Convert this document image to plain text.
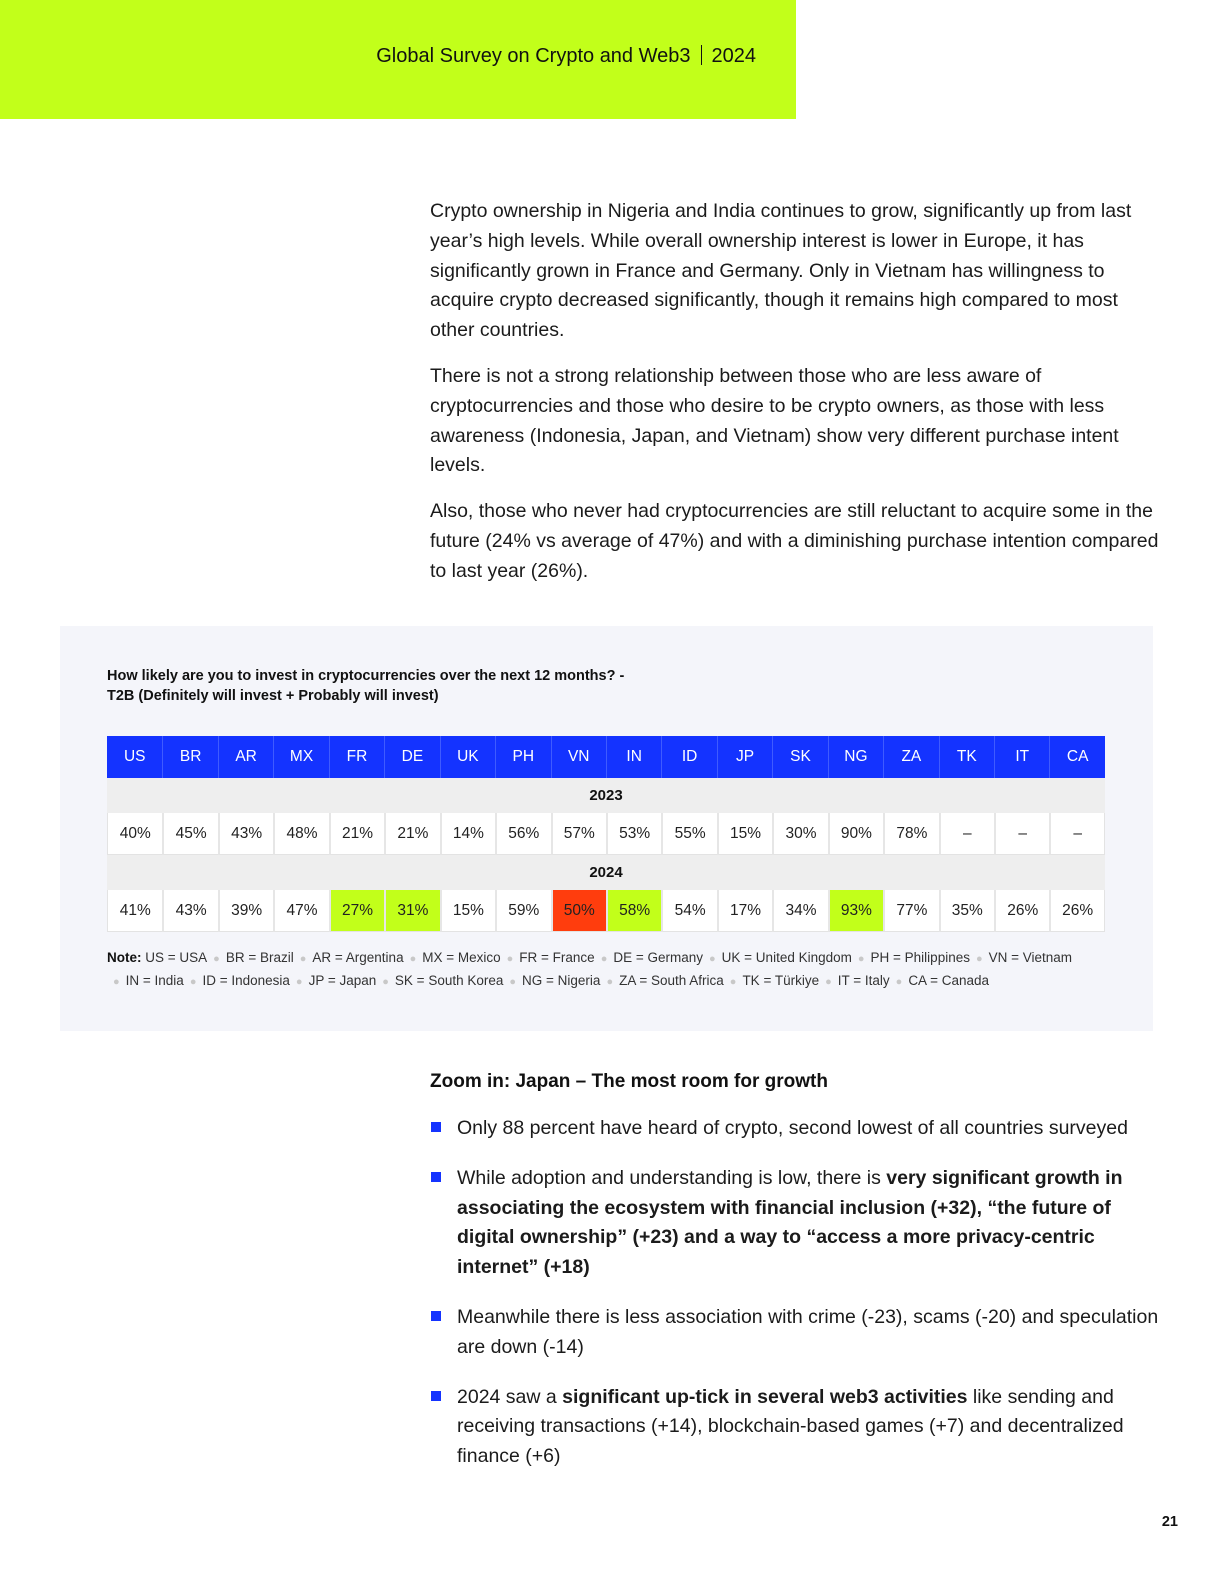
Global Survey on Crypto and Web3 2024

Crypto ownership in Nigeria and India continues to grow, significantly up from last year’s high levels. While overall ownership interest is lower in Europe, it has significantly grown in France and Germany. Only in Vietnam has willingness to acquire crypto decreased significantly, though it remains high compared to most other countries.

There is not a strong relationship between those who are less aware of cryptocurrencies and those who desire to be crypto owners, as those with less awareness (Indonesia, Japan, and Vietnam) show very different purchase intent levels.

Also, those who never had cryptocurrencies are still reluctant to acquire some in the future (24% vs average of 47%) and with a diminishing purchase intention compared to last year (26%).

How likely are you to invest in cryptocurrencies over the next 12 months? -
T2B (Definitely will invest + Probably will invest)
US	BR	AR	MX	FR	DE	UK	PH	VN	IN	ID	JP	SK	NG	ZA	TK	IT	CA
2023
40%	45%	43%	48%	21%	21%	14%	56%	57%	53%	55%	15%	30%	90%	78%	–	–	–
2024
41%	43%	39%	47%	27%	31%	15%	59%	50%	58%	54%	17%	34%	93%	77%	35%	26%	26%
Note: US = USA ● BR = Brazil ● AR = Argentina ● MX = Mexico ● FR = France ● DE = Germany ● UK = United Kingdom ● PH = Philippines ● VN = Vietnam ● IN = India ● ID = Indonesia ● JP = Japan ● SK = South Korea ● NG = Nigeria ● ZA = South Africa ● TK = Türkiye ● IT = Italy ● CA = Canada
Zoom in: Japan – The most room for growth
Only 88 percent have heard of crypto, second lowest of all countries surveyed
While adoption and understanding is low, there is very significant growth in associating the ecosystem with financial inclusion (+32), “the future of digital ownership” (+23) and a way to “access a more privacy-centric internet” (+18)
Meanwhile there is less association with crime (-23), scams (-20) and speculation are down (-14)
2024 saw a significant up-tick in several web3 activities like sending and receiving transactions (+14), blockchain-based games (+7) and decentralized finance (+6)
21
